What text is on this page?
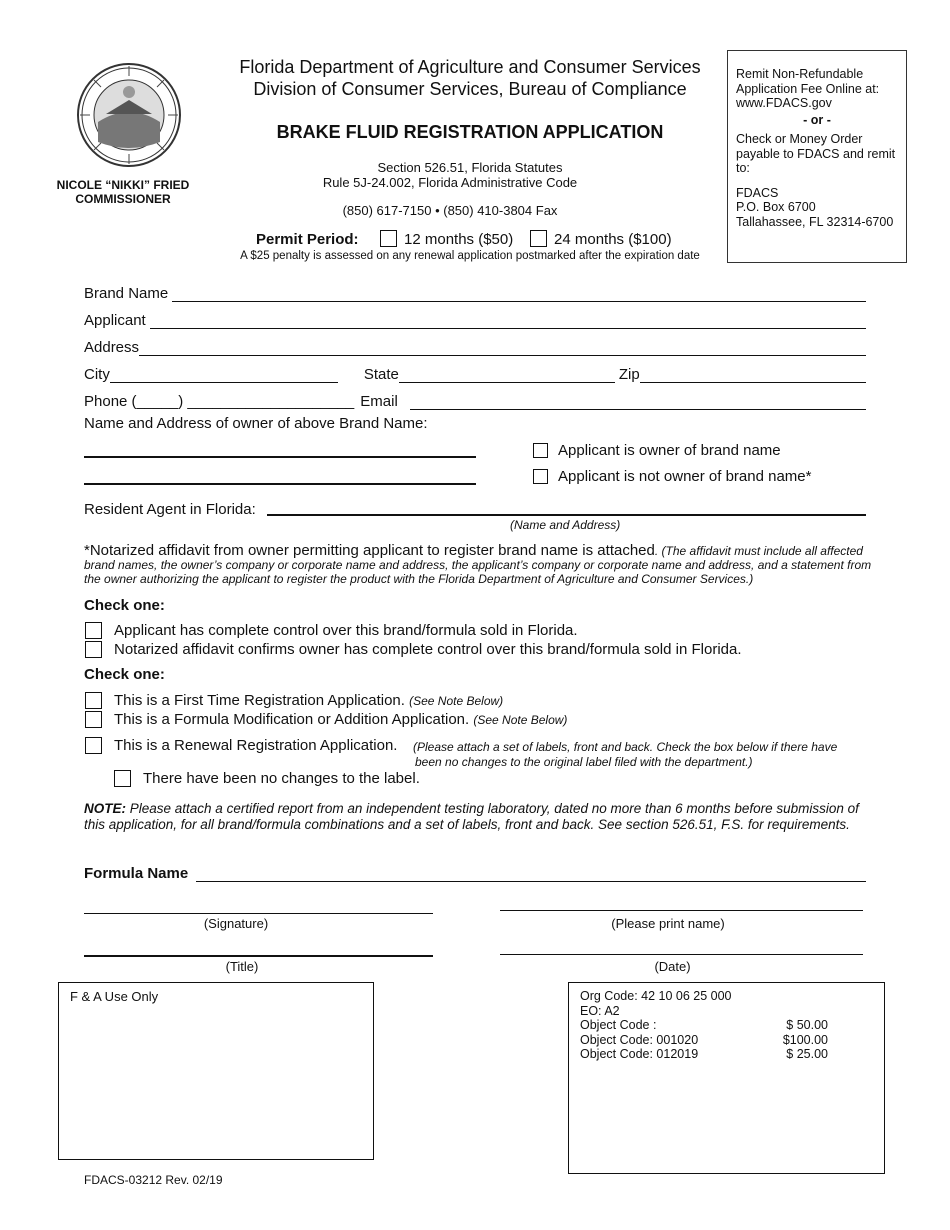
NICOLE “NIKKI” FRIED
COMMISSIONER
Florida Department of Agriculture and Consumer Services
Division of Consumer Services, Bureau of Compliance
BRAKE FLUID REGISTRATION APPLICATION
Section 526.51, Florida Statutes
Rule 5J-24.002, Florida Administrative Code
(850) 617-7150 • (850) 410-3804 Fax
Permit Period:	12 months ($50)	24 months ($100)
A $25 penalty is assessed on any renewal application postmarked after the expiration date
Remit Non-Refundable Application Fee Online at: www.FDACS.gov
- or -
Check or Money Order payable to FDACS and remit to:
FDACS
P.O. Box 6700
Tallahassee, FL 32314-6700
Brand Name
Applicant
Address
City	State	Zip
Phone (_____) ____________________ Email
Name and Address of owner of above Brand Name:
Applicant is owner of brand name
Applicant is not owner of brand name*
Resident Agent in Florida:
(Name and Address)
*Notarized affidavit from owner permitting applicant to register brand name is attached. (The affidavit must include all affected brand names, the owner’s company or corporate name and address, the applicant’s company or corporate name and address, and a statement from the owner authorizing the applicant to register the product with the Florida Department of Agriculture and Consumer Services.)
Check one:
Applicant has complete control over this brand/formula sold in Florida.
Notarized affidavit confirms owner has complete control over this brand/formula sold in Florida.
Check one:
This is a First Time Registration Application. (See Note Below)
This is a Formula Modification or Addition Application. (See Note Below)
This is a Renewal Registration Application. (Please attach a set of labels, front and back. Check the box below if there have
been no changes to the original label filed with the department.)
There have been no changes to the label.
NOTE: Please attach a certified report from an independent testing laboratory, dated no more than 6 months before submission of this application, for all brand/formula combinations and a set of labels, front and back. See section 526.51, F.S. for requirements.
Formula Name
(Signature)	(Please print name)
(Title)	(Date)
F & A Use Only	Org Code: 42 10 06 25 000
EO: A2
Object Code :	$ 50.00
Object Code: 001020	$100.00
Object Code: 012019	$ 25.00
FDACS-03212 Rev. 02/19
